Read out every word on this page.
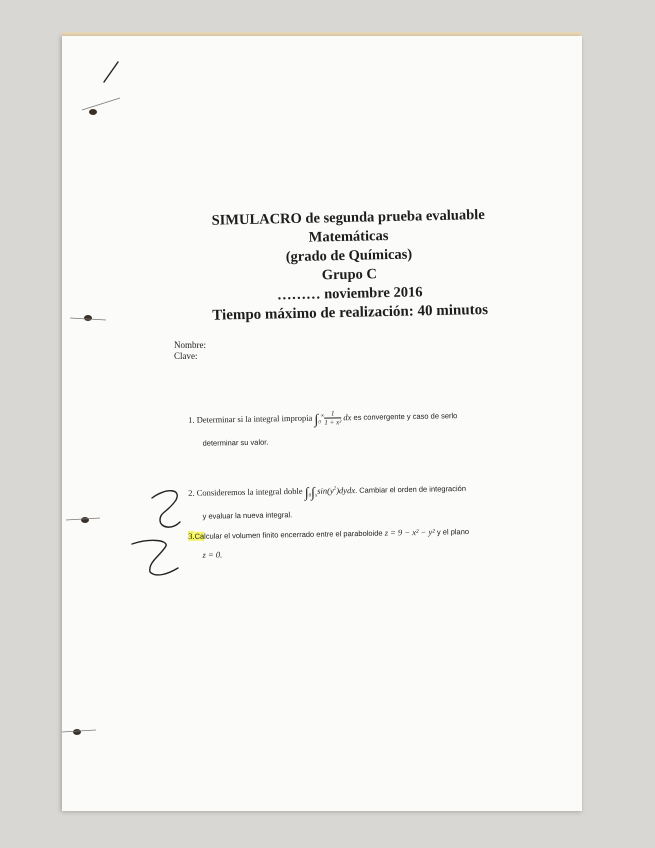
SIMULACRO de segunda prueba evaluable
Matemáticas
(grado de Químicas)
Grupo C
……… noviembre 2016
Tiempo máximo de realización: 40 minutos
Nombre:
Clave:
1. Determinar si la integral impropia $\int_0^\infty \frac{1}{\text{1 + x²}}$ dx es convergente y caso de serlo
determinar su valor.
2. Consideremos la integral doble $\int_0\int_x\sin(y^2)dydx$. Cambiar el orden de integración
y evaluar la nueva integral.
3.Calcular el volumen finito encerrado entre el paraboloide z = 9 − x² − y² y el plano
z = 0.
